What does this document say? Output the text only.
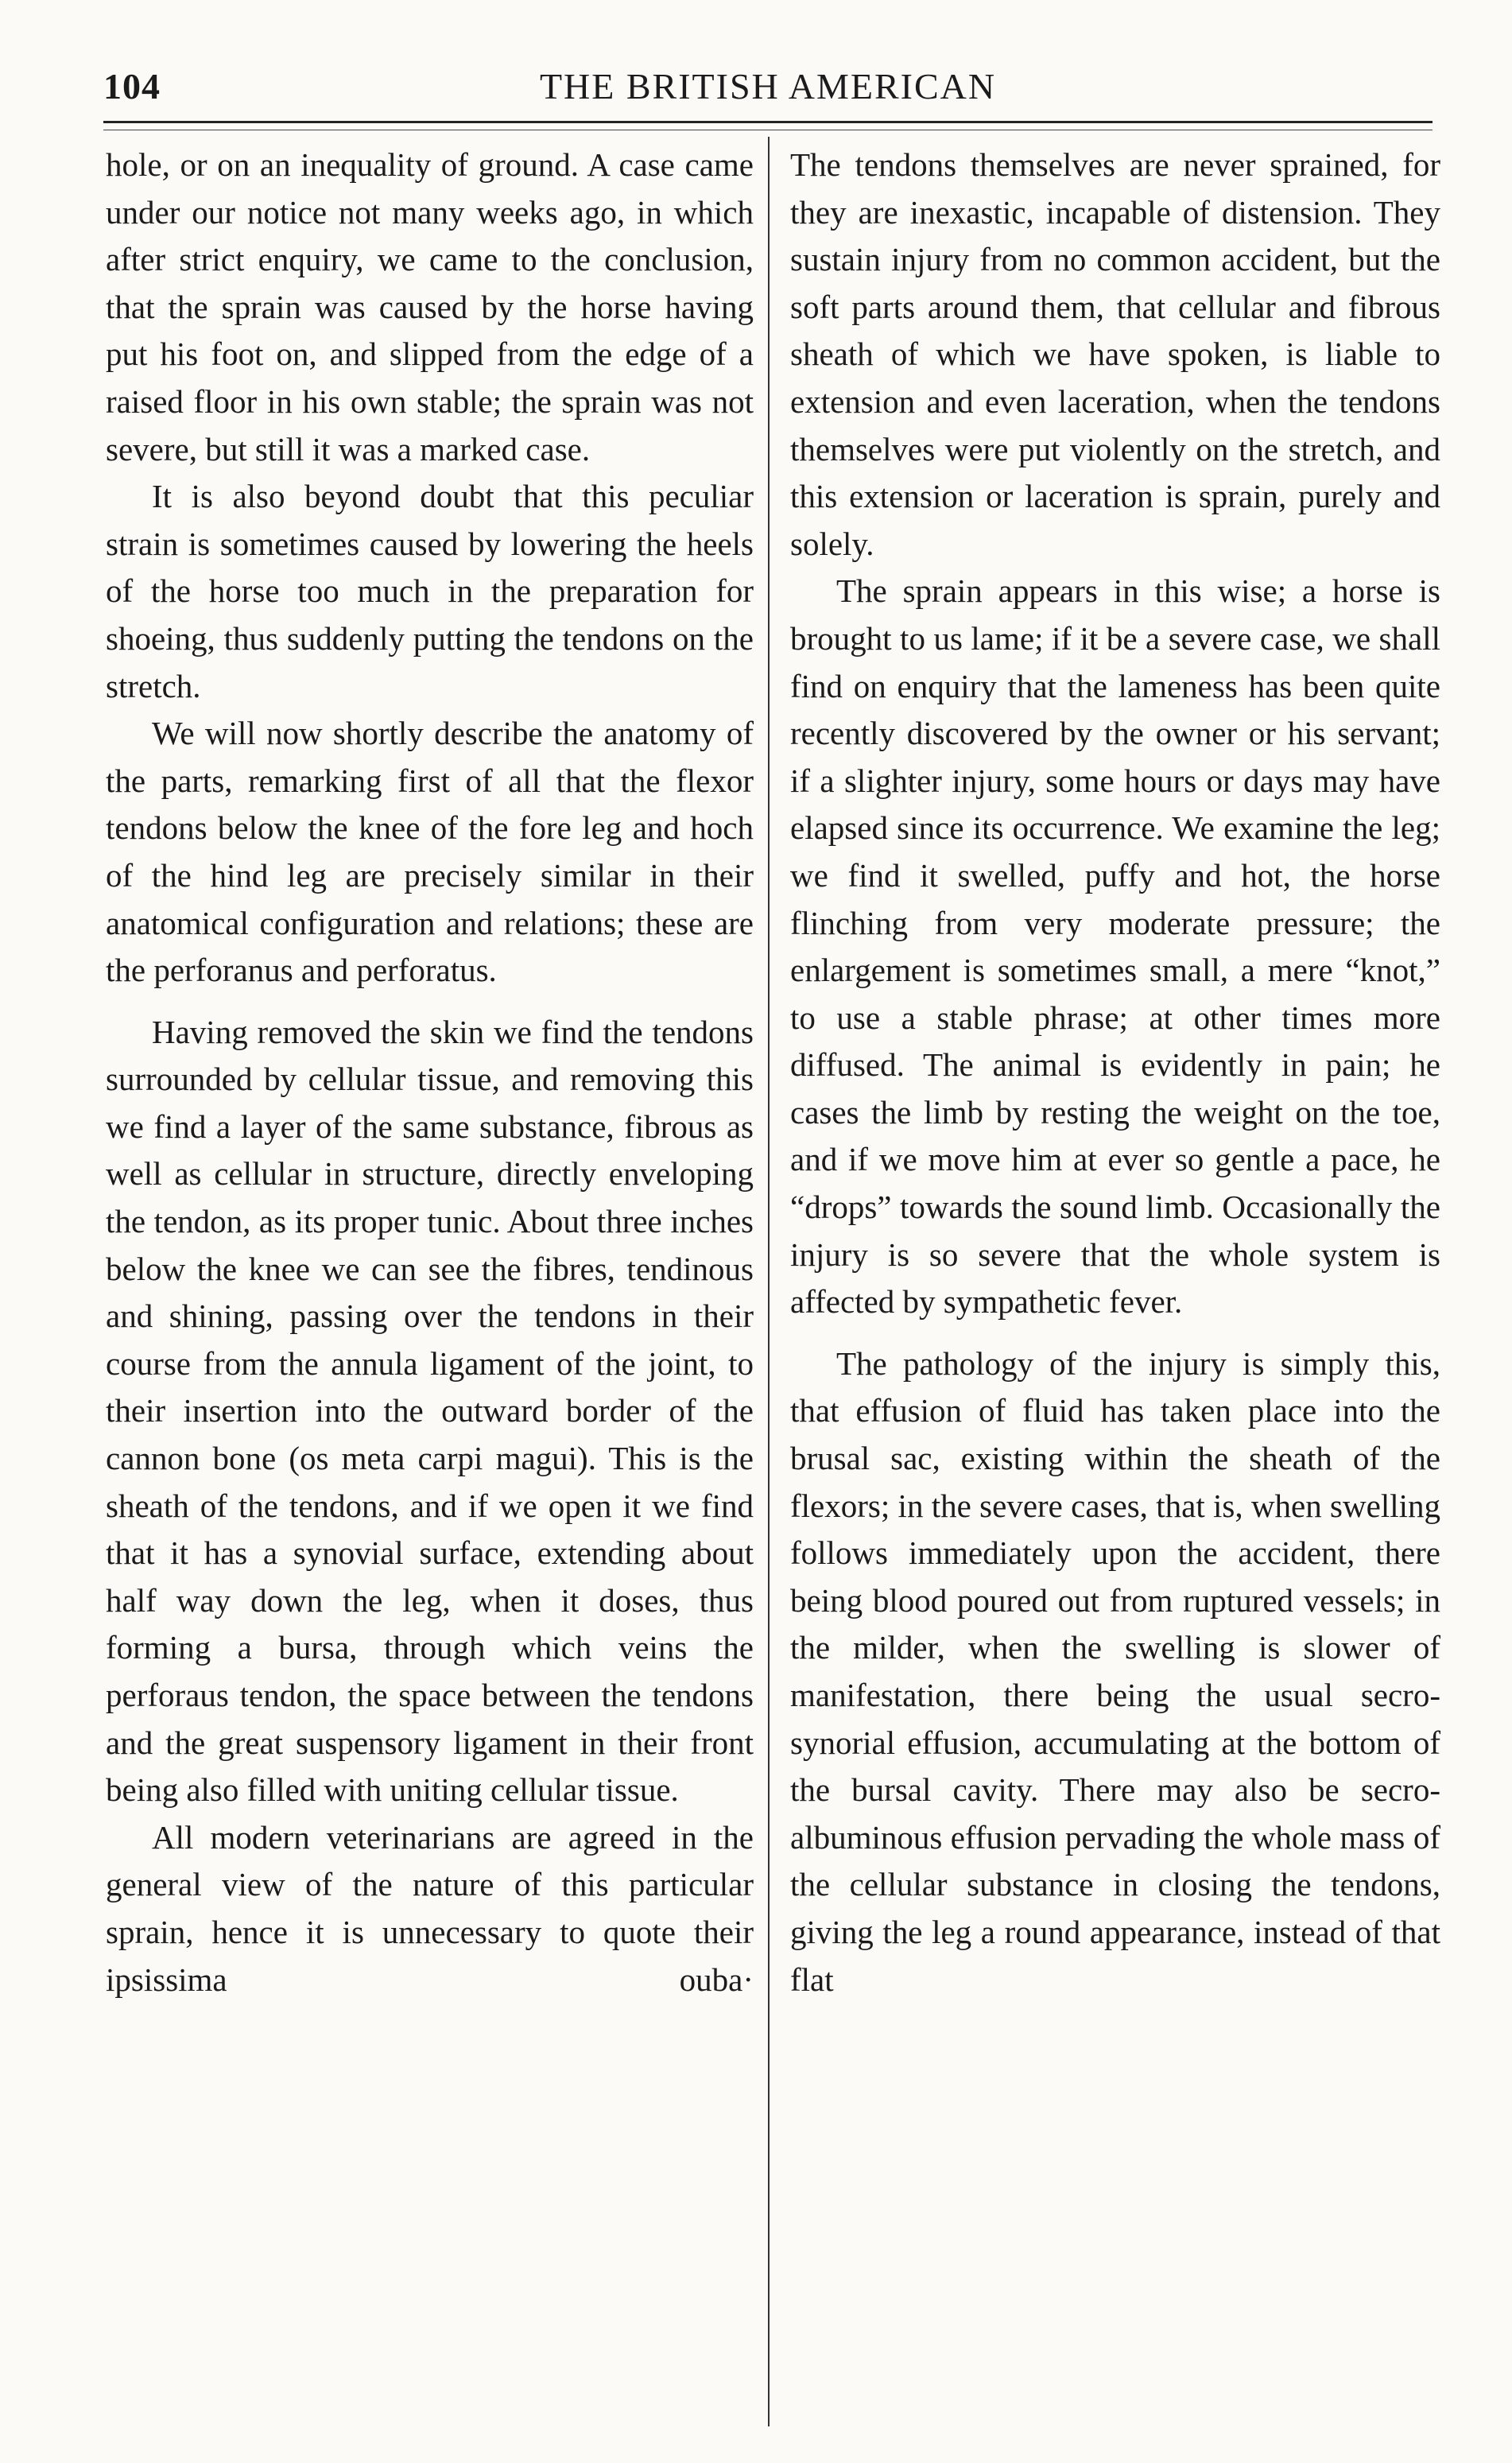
104	THE BRITISH AMERICAN

hole, or on an inequality of ground. A case came under our notice not many weeks ago, in which after strict enquiry, we came to the conclusion, that the sprain was caused by the horse having put his foot on, and slipped from the edge of a raised floor in his own stable; the sprain was not severe, but still it was a marked case.

It is also beyond doubt that this peculiar strain is sometimes caused by lowering the heels of the horse too much in the preparation for shoeing, thus suddenly putting the tendons on the stretch.

We will now shortly describe the anatomy of the parts, remarking first of all that the flexor tendons below the knee of the fore leg and hoch of the hind leg are precisely similar in their anatomical configuration and relations; these are the perforanus and perforatus.

Having removed the skin we find the tendons surrounded by cellular tissue, and removing this we find a layer of the same substance, fibrous as well as cellular in structure, directly enveloping the tendon, as its proper tunic. About three inches below the knee we can see the fibres, tendinous and shining, passing over the tendons in their course from the annula ligament of the joint, to their insertion into the outward border of the cannon bone (os meta carpi magui). This is the sheath of the tendons, and if we open it we find that it has a synovial surface, extending about half way down the leg, when it doses, thus forming a bursa, through which veins the perforaus tendon, the space between the tendons and the great suspensory ligament in their front being also filled with uniting cellular tissue.

All modern veterinarians are agreed in the general view of the nature of this particular sprain, hence it is unnecessary to quote their ipsissima ouba·

The tendons themselves are never sprained, for they are inexastic, incapable of distension. They sustain injury from no common accident, but the soft parts around them, that cellular and fibrous sheath of which we have spoken, is liable to extension and even laceration, when the tendons themselves were put violently on the stretch, and this extension or laceration is sprain, purely and solely.

The sprain appears in this wise; a horse is brought to us lame; if it be a severe case, we shall find on enquiry that the lameness has been quite recently discovered by the owner or his servant; if a slighter injury, some hours or days may have elapsed since its occurrence. We examine the leg; we find it swelled, puffy and hot, the horse flinching from very moderate pressure; the enlargement is sometimes small, a mere “knot,” to use a stable phrase; at other times more diffused. The animal is evidently in pain; he cases the limb by resting the weight on the toe, and if we move him at ever so gentle a pace, he “drops” towards the sound limb. Occasionally the injury is so severe that the whole system is affected by sympathetic fever.

The pathology of the injury is simply this, that effusion of fluid has taken place into the brusal sac, existing within the sheath of the flexors; in the severe cases, that is, when swelling follows immediately upon the accident, there being blood poured out from ruptured vessels; in the milder, when the swelling is slower of manifestation, there being the usual secro-synorial effusion, accumulating at the bottom of the bursal cavity. There may also be secro-albuminous effusion pervading the whole mass of the cellular substance in closing the tendons, giving the leg a round appearance, instead of that flat
